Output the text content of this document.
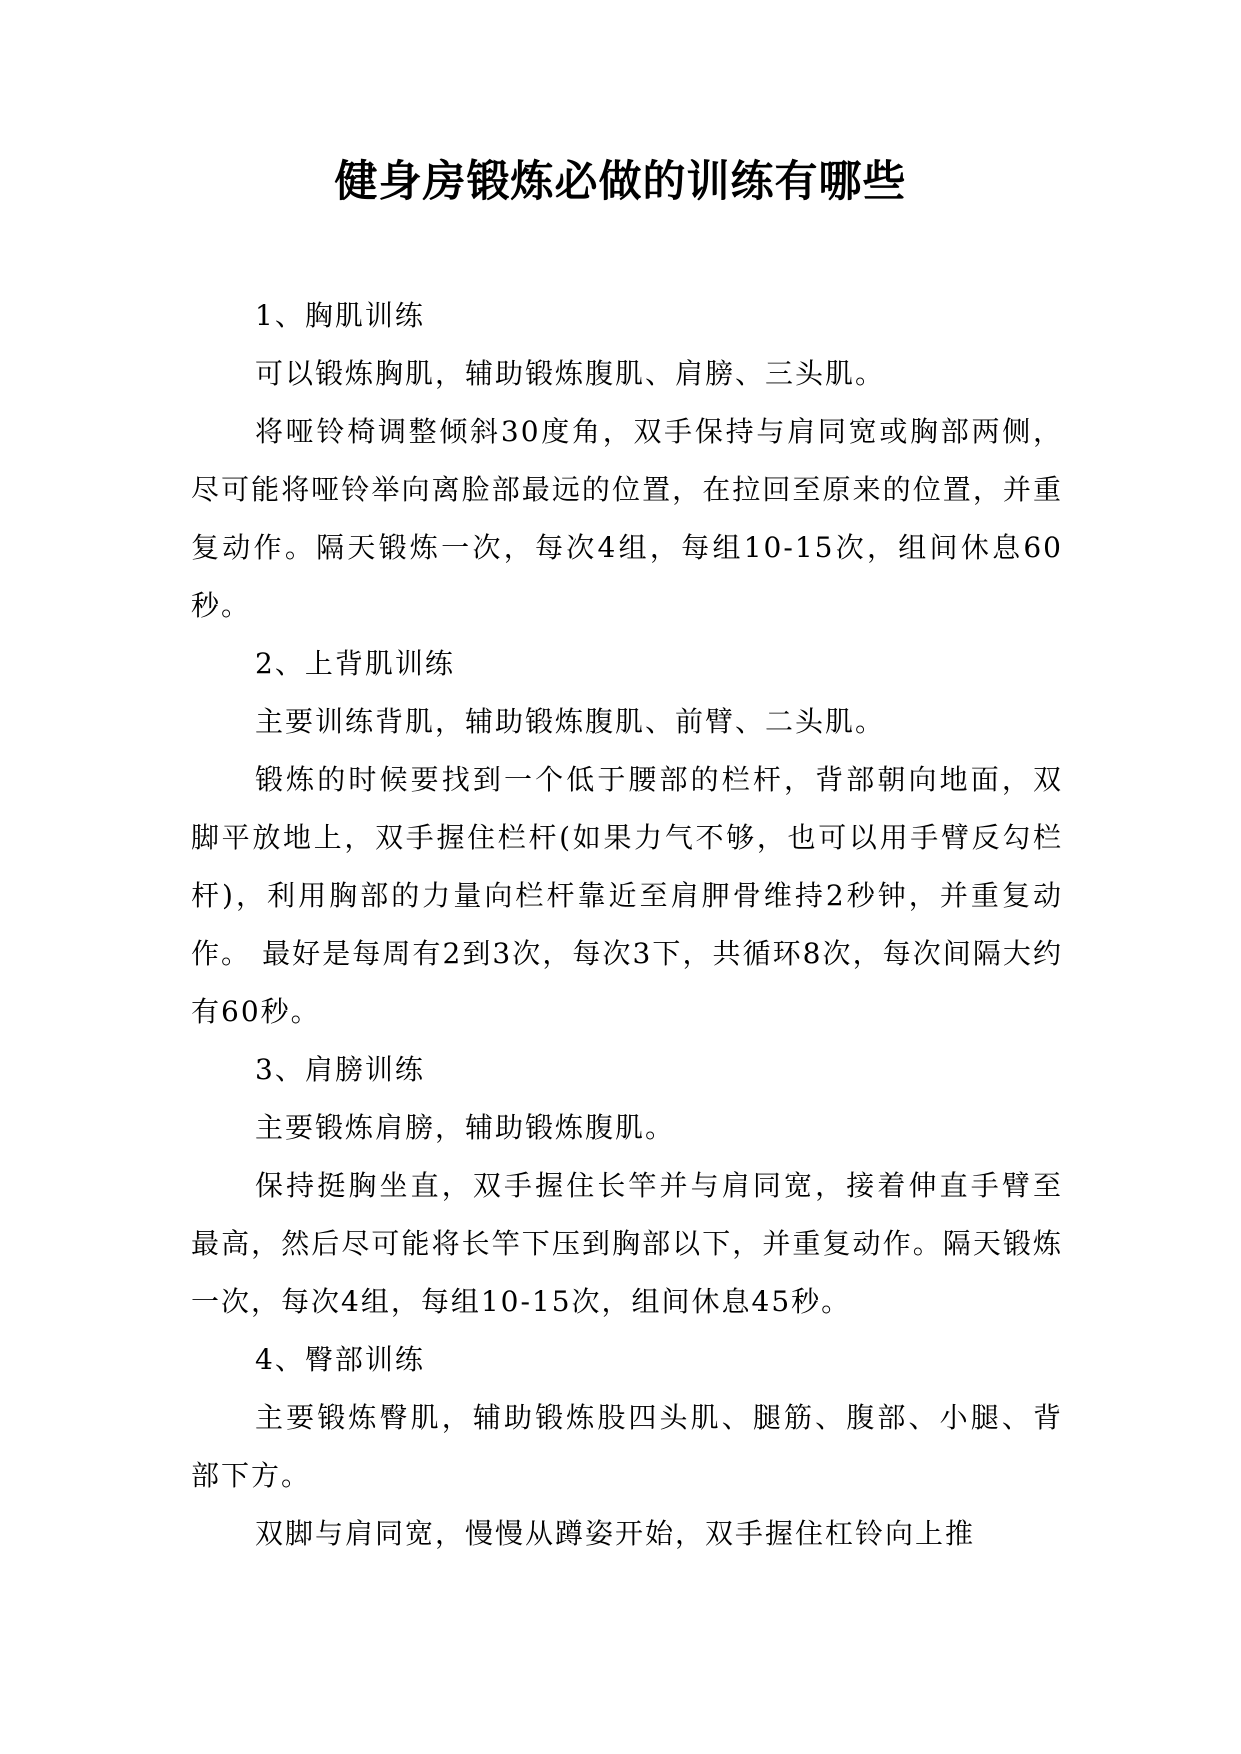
健身房锻炼必做的训练有哪些

1、胸肌训练

可以锻炼胸肌，辅助锻炼腹肌、肩膀、三头肌。

将哑铃椅调整倾斜30度角，双手保持与肩同宽或胸部两侧，尽可能将哑铃举向离脸部最远的位置，在拉回至原来的位置，并重复动作。隔天锻炼一次，每次4组，每组10-15次，组间休息60秒。

2、上背肌训练

主要训练背肌，辅助锻炼腹肌、前臂、二头肌。

锻炼的时候要找到一个低于腰部的栏杆，背部朝向地面，双脚平放地上，双手握住栏杆(如果力气不够，也可以用手臂反勾栏杆)，利用胸部的力量向栏杆靠近至肩胛骨维持2秒钟，并重复动作。 最好是每周有2到3次，每次3下，共循环8次，每次间隔大约有60秒。

3、肩膀训练

主要锻炼肩膀，辅助锻炼腹肌。

保持挺胸坐直，双手握住长竿并与肩同宽，接着伸直手臂至最高，然后尽可能将长竿下压到胸部以下，并重复动作。隔天锻炼一次，每次4组，每组10-15次，组间休息45秒。

4、臀部训练

主要锻炼臀肌，辅助锻炼股四头肌、腿筋、腹部、小腿、背部下方。

双脚与肩同宽，慢慢从蹲姿开始，双手握住杠铃向上推
